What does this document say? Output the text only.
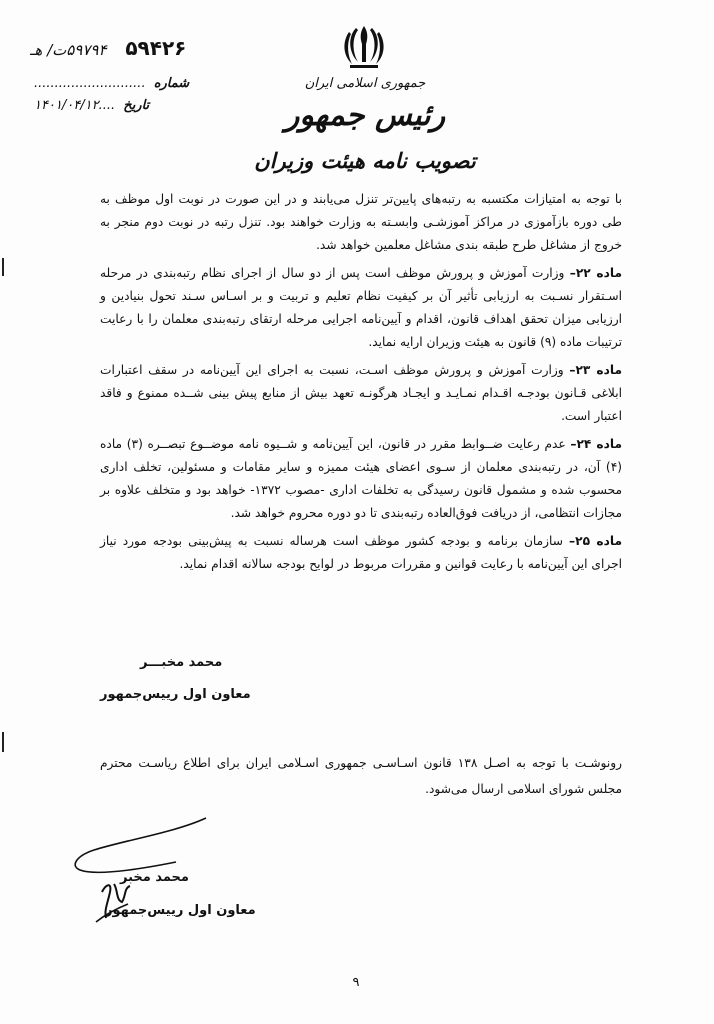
۵۹۴۲۶ ۵۹۷۹۴ت/ هـ
شماره ...........................
تاریخ ....۱۴۰۱/۰۴/۱۲
جمهوری اسلامی ایران
رئیس جمهور
تصویب نامه هیئت وزیران

با توجه به امتیازات مکتسبه به رتبه‌های پایین‌تر تنزل می‌یابند و در این صورت در نوبت اول موظف به طی دوره بازآموزی در مراکز آموزشـی وابسـته به وزارت خواهند بود. تنزل رتبه در نوبت دوم منجر به خروج از مشاغل طرح طبقه بندی مشاغل معلمین خواهد شد.

ماده ۲۲– وزارت آموزش و پرورش موظف است پس از دو سال از اجرای نظام رتبه‌بندی در مرحله اسـتقرار نسـبت به ارزیابی تأثیر آن بر کیفیت نظام تعلیم و تربیت و بر اسـاس سـند تحول بنیادین و ارزیابی میزان تحقق اهداف قانون، اقدام و آیین‌نامه اجرایی مرحله ارتقای رتبه‌بندی معلمان را با رعایت ترتیبات ماده (۹) قانون به هیئت وزیران ارایه نماید.

ماده ۲۳– وزارت آموزش و پرورش موظف اسـت، نسبت به اجرای این آیین‌نامه در سقف اعتبارات ابلاغی قـانون بودجـه اقـدام نمـایـد و ایجـاد هرگونـه تعهد بیش از منابع پیش بینی شــده ممنوع و فاقد اعتبار است.

ماده ۲۴– عدم رعایت ضــوابط مقرر در قانون، این آیین‌نامه و شــیوه نامه موضــوع تبصــره (۳) ماده (۴) آن، در رتبه‌بندی معلمان از سـوی اعضای هیئت ممیزه و سایر مقامات و مسئولین، تخلف اداری محسوب شده و مشمول قانون رسیدگی به تخلفات اداری -مصوب ۱۳۷۲- خواهد بود و متخلف علاوه بر مجازات انتظامی، از دریافت فوق‌العاده رتبه‌بندی تا دو دوره محروم خواهد شد.

ماده ۲۵– سازمان برنامه و بودجه کشور موظف است هرساله نسبت به پیش‌بینی بودجه مورد نیاز اجرای این آیین‌نامه با رعایت قوانین و مقررات مربوط در لوایح بودجه سالانه اقدام نماید.

محمد مخبـــر
معاون اول رییس‌جمهور
رونوشـت با توجه به اصـل ۱۳۸ قانون اسـاسـی جمهوری اسـلامی ایران برای اطلاع ریاسـت محترم مجلس شورای اسلامی ارسال می‌شود.
محمد مخبر
معاون اول رییس‌جمهور
۹
